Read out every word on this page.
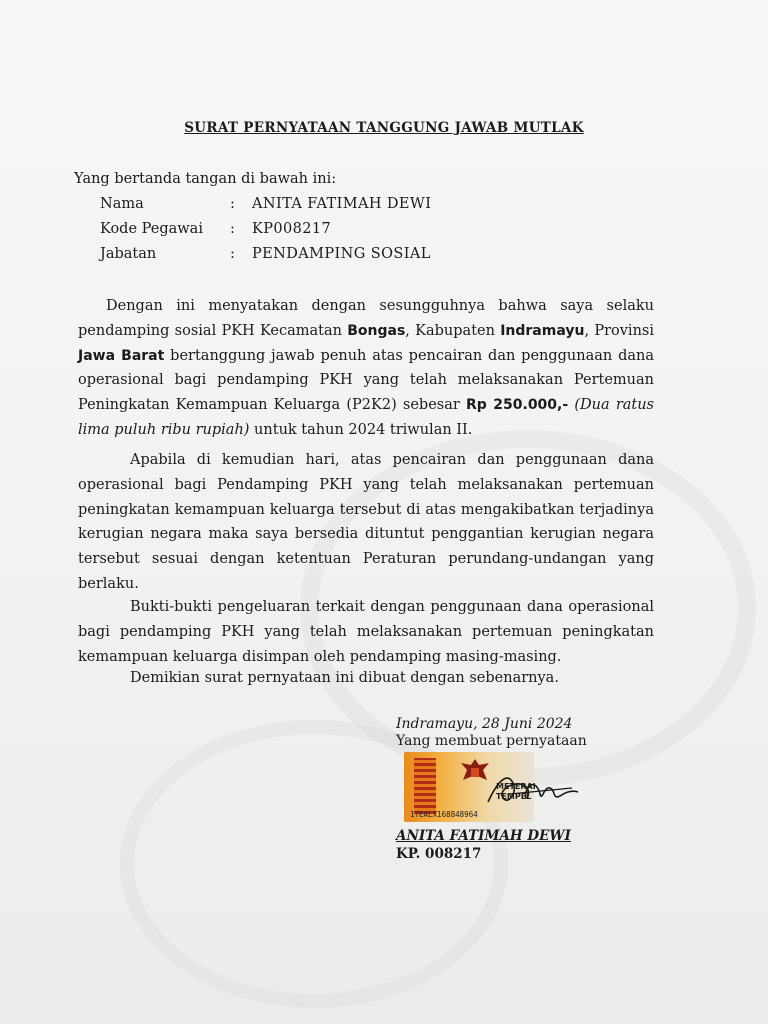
SURAT PERNYATAAN TANGGUNG JAWAB MUTLAK
Yang bertanda tangan di bawah ini:
Nama	: ANITA FATIMAH DEWI
Kode Pegawai : KP008217
Jabatan	: PENDAMPING SOSIAL
Dengan ini menyatakan dengan sesungguhnya bahwa saya selaku
pendamping sosial PKH Kecamatan Bongas, Kabupaten Indramayu, Provinsi
Jawa Barat bertanggung jawab penuh atas pencairan dan penggunaan dana
operasional bagi pendamping PKH yang telah melaksanakan Pertemuan
Peningkatan Kemampuan Keluarga (P2K2) sebesar Rp 250.000,- (Dua ratus
lima puluh ribu rupiah) untuk tahun 2024 triwulan II.
Apabila di kemudian hari, atas pencairan dan penggunaan dana
operasional bagi Pendamping PKH yang telah melaksanakan pertemuan
peningkatan kemampuan keluarga tersebut di atas mengakibatkan terjadinya
kerugian negara maka saya bersedia dituntut penggantian kerugian negara
tersebut sesuai dengan ketentuan Peraturan perundang-undangan yang
berlaku.
Bukti-bukti pengeluaran terkait dengan penggunaan dana operasional
bagi pendamping PKH yang telah melaksanakan pertemuan peningkatan
kemampuan keluarga disimpan oleh pendamping masing-masing.
Demikian surat pernyataan ini dibuat dengan sebenarnya.
Indramayu, 28 Juni 2024
Yang membuat pernyataan
METERAI TEMPEL
17EALX168848964
ANITA FATIMAH DEWI
KP. 008217
